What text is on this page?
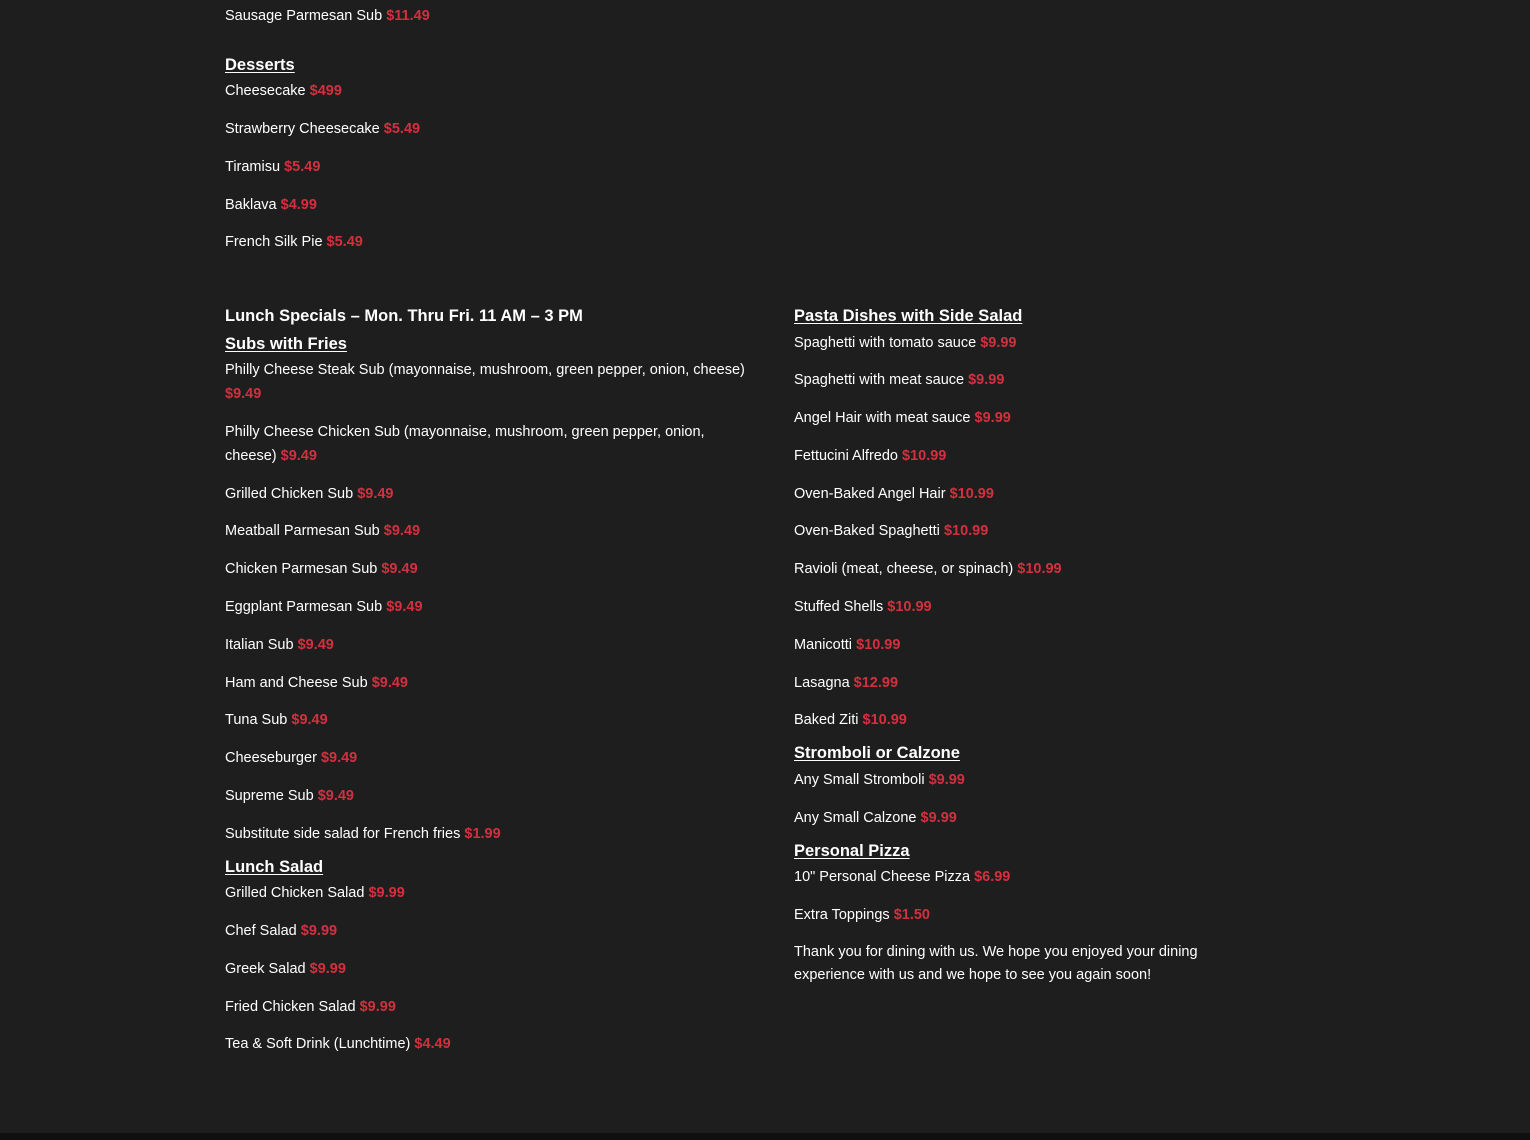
Sausage Parmesan Sub $11.49

Desserts

Cheesecake $499

Strawberry Cheesecake $5.49

Tiramisu $5.49

Baklava $4.99

French Silk Pie $5.49

Lunch Specials – Mon. Thru Fri. 11 AM – 3 PM
Subs with Fries

Philly Cheese Steak Sub (mayonnaise, mushroom, green pepper, onion, cheese) $9.49

Philly Cheese Chicken Sub (mayonnaise, mushroom, green pepper, onion, cheese) $9.49

Grilled Chicken Sub $9.49

Meatball Parmesan Sub $9.49

Chicken Parmesan Sub $9.49

Eggplant Parmesan Sub $9.49

Italian Sub $9.49

Ham and Cheese Sub $9.49

Tuna Sub $9.49

Cheeseburger $9.49

Supreme Sub $9.49

Substitute side salad for French fries $1.99

Lunch Salad

Grilled Chicken Salad $9.99

Chef Salad $9.99

Greek Salad $9.99

Fried Chicken Salad $9.99

Tea & Soft Drink (Lunchtime) $4.49

Pasta Dishes with Side Salad

Spaghetti with tomato sauce $9.99

Spaghetti with meat sauce $9.99

Angel Hair with meat sauce $9.99

Fettucini Alfredo $10.99

Oven-Baked Angel Hair $10.99

Oven-Baked Spaghetti $10.99

Ravioli (meat, cheese, or spinach) $10.99

Stuffed Shells $10.99

Manicotti $10.99

Lasagna $12.99

Baked Ziti $10.99

Stromboli or Calzone

Any Small Stromboli $9.99

Any Small Calzone $9.99

Personal Pizza

10" Personal Cheese Pizza $6.99

Extra Toppings $1.50

Thank you for dining with us. We hope you enjoyed your dining experience with us and we hope to see you again soon!
